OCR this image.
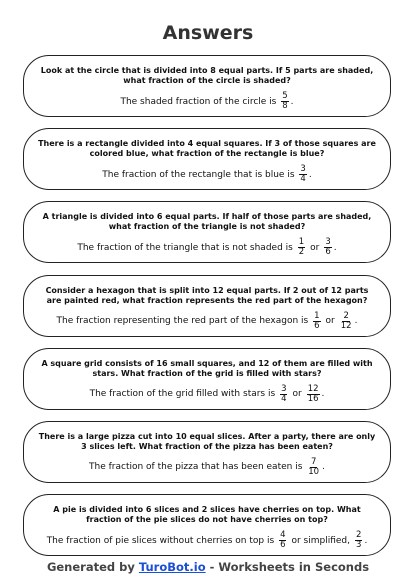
Answers
Look at the circle that is divided into 8 equal parts. If 5 parts are shaded, what fraction of the circle is shaded?
The shaded fraction of the circle is
$\frac{5}{8}$ .
There is a rectangle divided into 4 equal squares. If 3 of those squares are colored blue, what fraction of the rectangle is blue?
The fraction of the rectangle that is blue is
$\frac{3}{4}$ .
A triangle is divided into 6 equal parts. If half of those parts are shaded, what fraction of the triangle is not shaded?
The fraction of the triangle that is not shaded is
$\frac{1}{2}$ or $\frac{3}{6}$ .
Consider a hexagon that is split into 12 equal parts. If 2 out of 12 parts are painted red, what fraction represents the red part of the hexagon?
The fraction representing the red part of the hexagon is
$\frac{1}{6}$ or $\frac{2}{12}$ .
A square grid consists of 16 small squares, and 12 of them are filled with stars. What fraction of the grid is filled with stars?
The fraction of the grid filled with stars is
$\frac{3}{4}$ or $\frac{12}{16}$ .
There is a large pizza cut into 10 equal slices. After a party, there are only 3 slices left. What fraction of the pizza has been eaten?
The fraction of the pizza that has been eaten is
$\frac{7}{10}$ .
A pie is divided into 6 slices and 2 slices have cherries on top. What fraction of the pie slices do not have cherries on top?
The fraction of pie slices without cherries on top is
$\frac{4}{6}$ or simplified, $\frac{2}{3}$ .
Generated by TuroBot.io - Worksheets in Seconds
